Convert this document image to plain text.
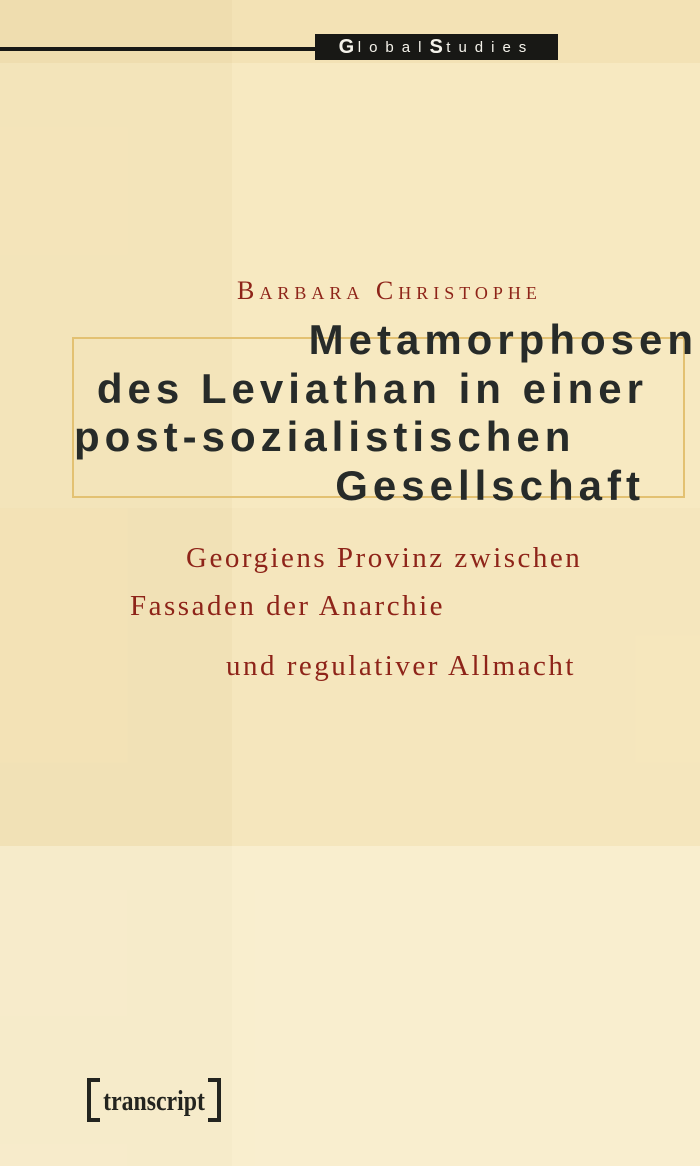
G lobal S tudies
Barbara Christophe
Metamorphosen
des Leviathan in einer
post-sozialistischen
Gesellschaft
Georgiens Provinz zwischen
Fassaden der Anarchie
und regulativer Allmacht
transcript
